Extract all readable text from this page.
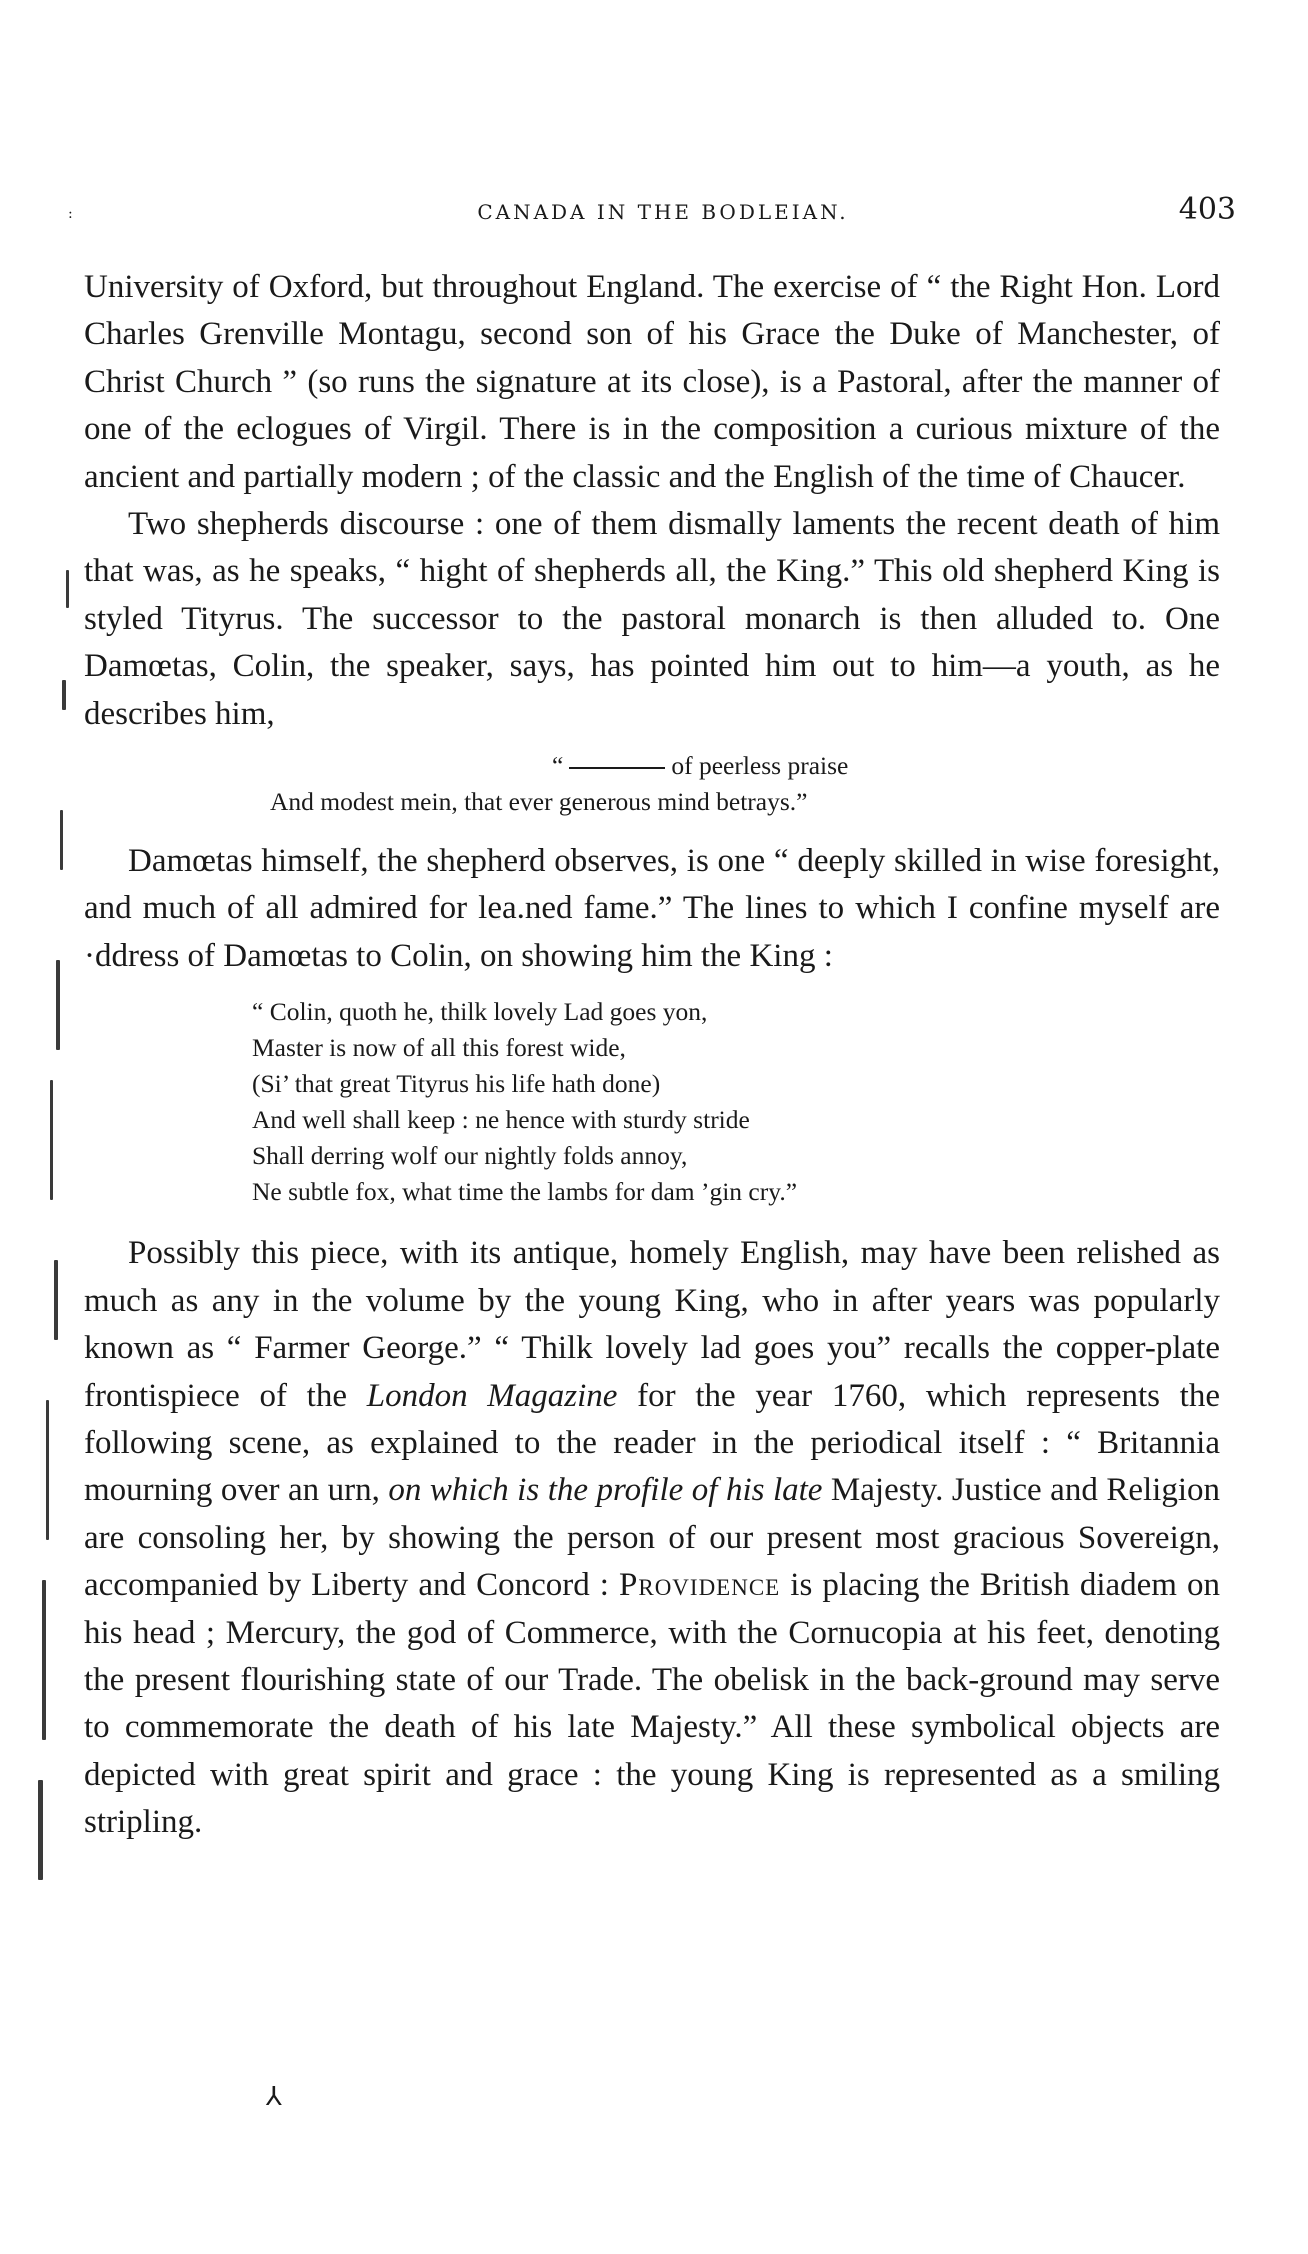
CANADA IN THE BODLEIAN.	403
:

University of Oxford, but throughout England. The exercise of “ the Right Hon. Lord Charles Grenville Montagu, second son of his Grace the Duke of Manchester, of Christ Church ” (so runs the signature at its close), is a Pastoral, after the manner of one of the eclogues of Virgil. There is in the composition a curious mixture of the ancient and partially modern ; of the classic and the English of the time of Chaucer.

Two shepherds discourse : one of them dismally laments the recent death of him that was, as he speaks, “ hight of shepherds all, the King.” This old shepherd King is styled Tityrus. The successor to the pastoral monarch is then alluded to. One Damœtas, Colin, the speaker, says, has pointed him out to him—a youth, as he describes him,

“	of peerless praise
And modest mein, that ever generous mind betrays.”

Damœtas himself, the shepherd observes, is one “ deeply skilled in wise foresight, and much of all admired for lea.ned fame.” The lines to which I confine myself are ·ddress of Damœtas to Colin, on showing him the King :

“ Colin, quoth he, thilk lovely Lad goes yon,
Master is now of all this forest wide,
(Si’ that great Tityrus his life hath done)
And well shall keep : ne hence with sturdy stride
Shall derring wolf our nightly folds annoy,
Ne subtle fox, what time the lambs for dam ’gin cry.”

Possibly this piece, with its antique, homely English, may have been relished as much as any in the volume by the young King, who in after years was popularly known as “ Farmer George.” “ Thilk lovely lad goes you” recalls the copper-plate frontispiece of the London Magazine for the year 1760, which represents the following scene, as explained to the reader in the periodical itself : “ Britannia mourning over an urn, on which is the profile of his late Majesty. Justice and Religion are consoling her, by showing the person of our present most gracious Sovereign, accompanied by Liberty and Concord : Providence is placing the British diadem on his head ; Mercury, the god of Commerce, with the Cornucopia at his feet, denoting the present flourishing state of our Trade. The obelisk in the back-ground may serve to commemorate the death of his late Majesty.” All these symbolical objects are depicted with great spirit and grace : the young King is represented as a smiling stripling.

⅄
